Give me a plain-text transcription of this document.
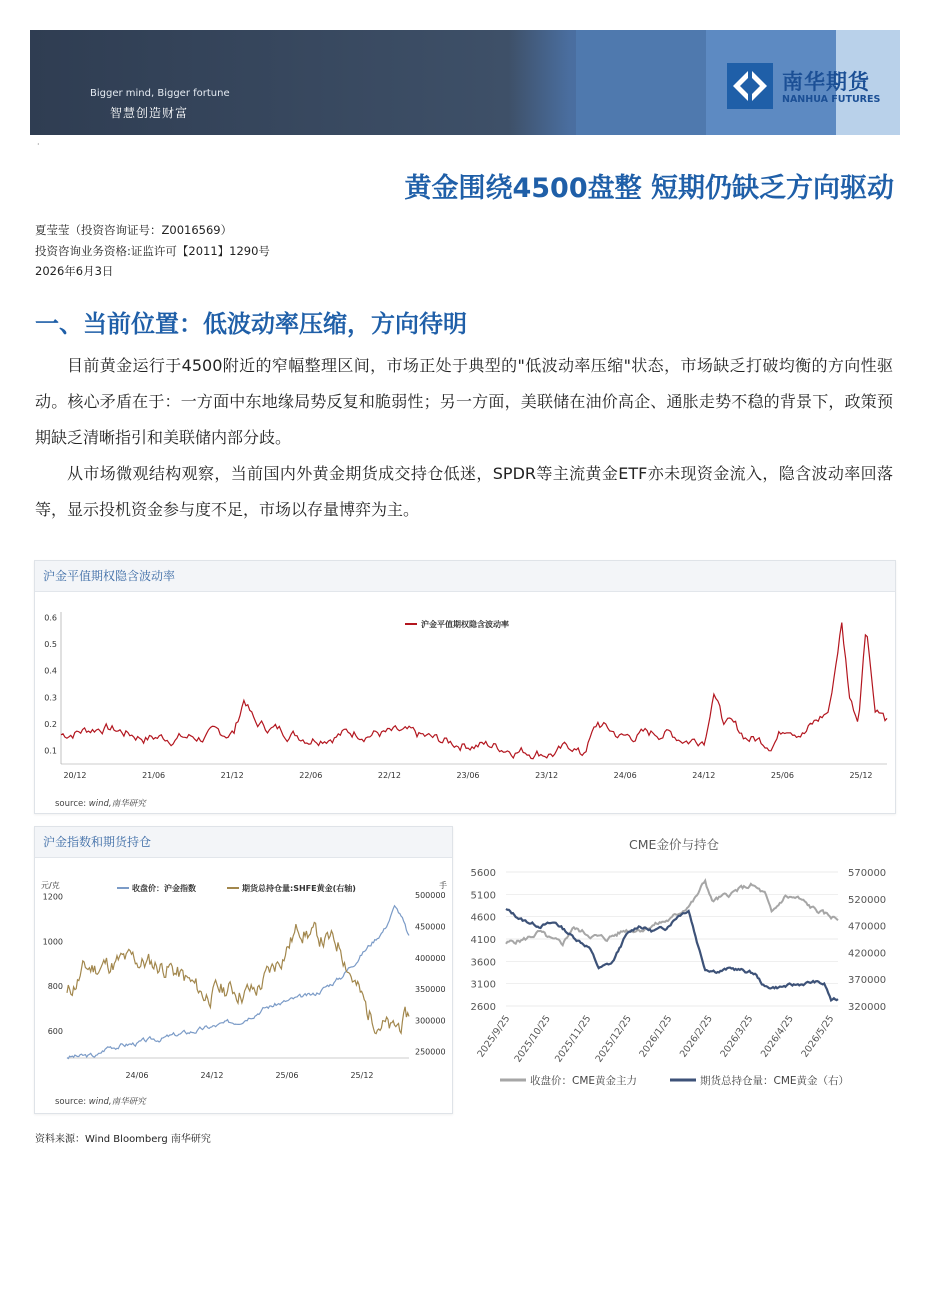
Bigger mind, Bigger fortune
智慧创造财富
南华期货
NANHUA FUTURES
·
黄金围绕4500盘整 短期仍缺乏方向驱动
夏莹莹（投资咨询证号：Z0016569）
投资咨询业务资格:证监许可【2011】1290号
2026年6月3日
一、当前位置：低波动率压缩，方向待明
目前黄金运行于4500附近的窄幅整理区间，市场正处于典型的"低波动率压缩"状态，市场缺乏打破均衡的方向性驱动。核心矛盾在于：一方面中东地缘局势反复和脆弱性；另一方面，美联储在油价高企、通胀走势不稳的背景下，政策预期缺乏清晰指引和美联储内部分歧。
从市场微观结构观察，当前国内外黄金期货成交持仓低迷，SPDR等主流黄金ETF亦未现资金流入，隐含波动率回落等，显示投机资金参与度不足，市场以存量博弈为主。
沪金平值期权隐含波动率
0.1
0.2
0.3
0.4
0.5
0.6
20/12	21/06	21/12	22/06	22/12	23/06	23/12	24/06	24/12	25/06	25/12
沪金平值期权隐含波动率
source: wind,南华研究
沪金指数和期货持仓
元/克	手
1200
1000
800
600
500000
450000
400000
350000
300000
250000
24/06	24/12	25/06	25/12
收盘价：沪金指数	期货总持仓量:SHFE黄金(右轴)
source: wind,南华研究
CME金价与持仓
5600
5100
4600
4100
3600
3100
2600
570000
520000
470000
420000
370000
320000
2025/9/25 2025/10/25 2025/11/25 2025/12/25 2026/1/25 2026/2/25 2026/3/25 2026/4/25 2026/5/25
收盘价：CME黄金主力	期货总持仓量：CME黄金（右）
资料来源：Wind Bloomberg 南华研究
